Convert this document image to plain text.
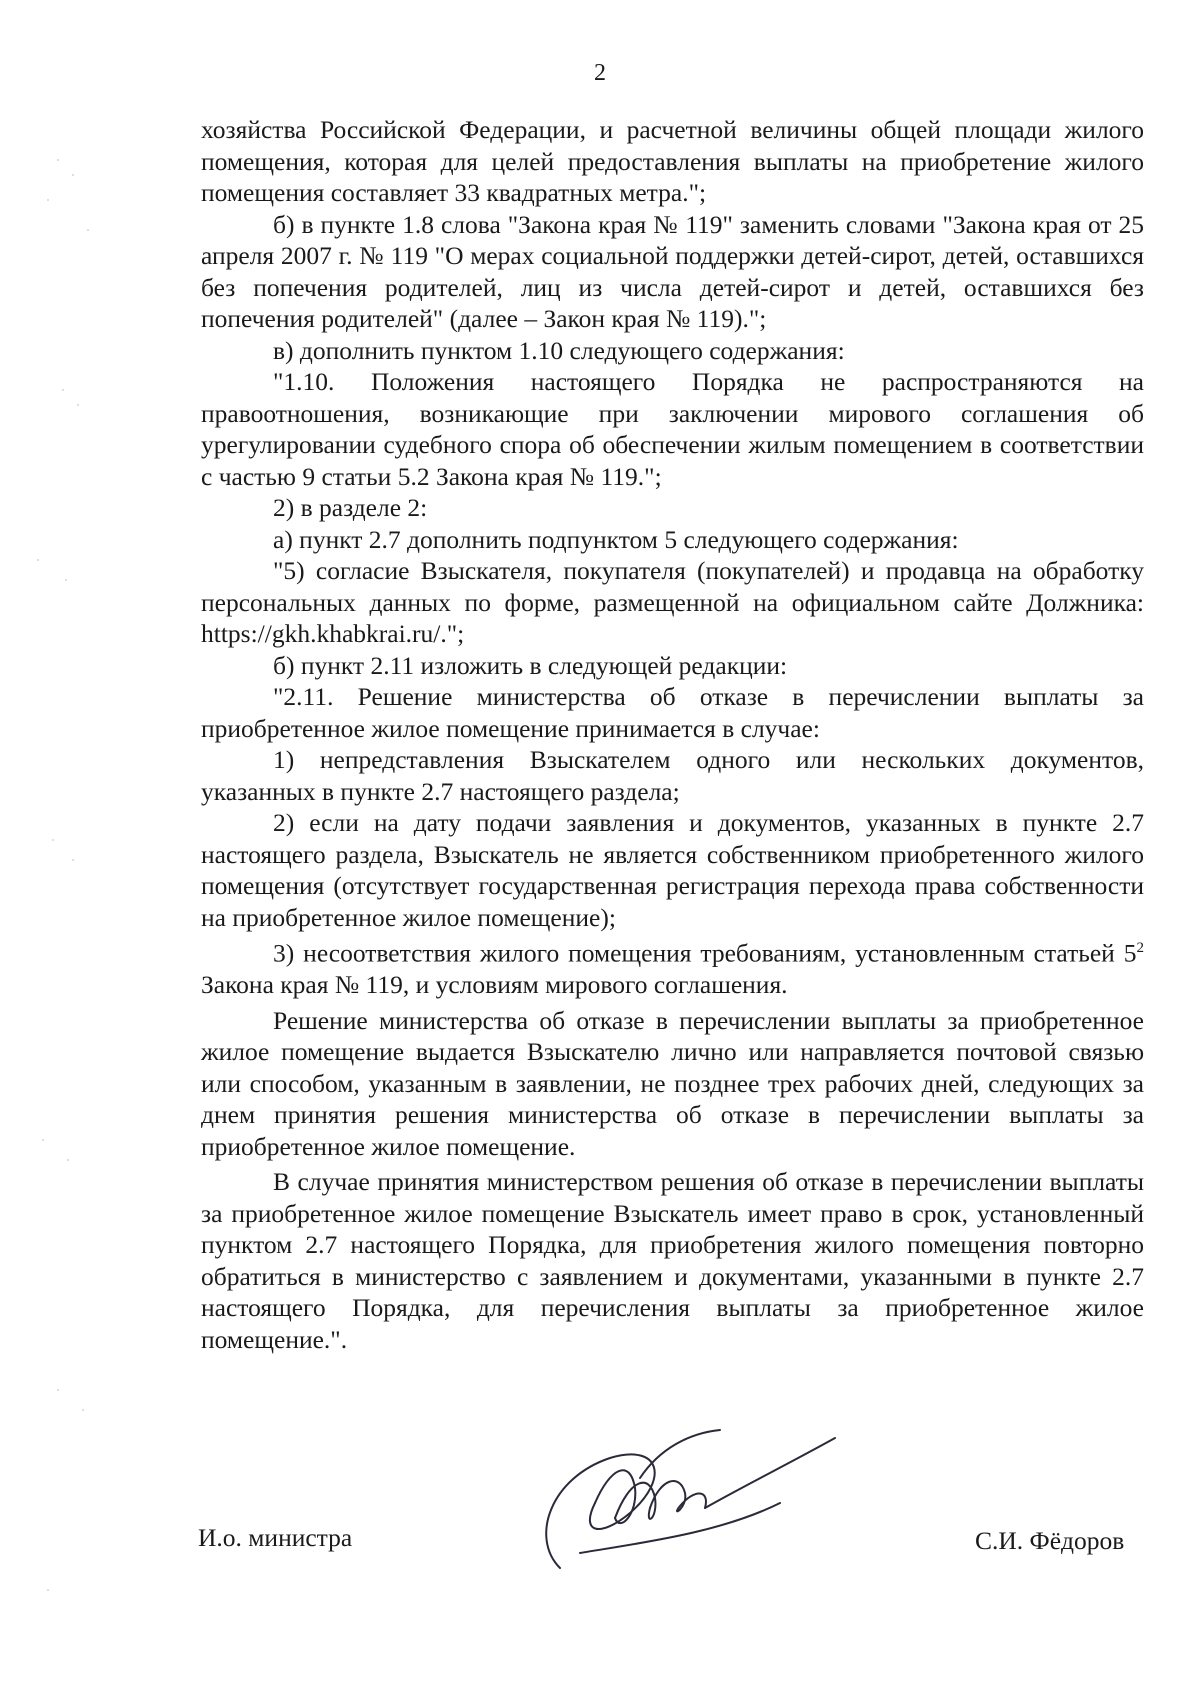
2

хозяйства Российской Федерации, и расчетной величины общей площади жилого помещения, которая для целей предоставления выплаты на приобретение жилого помещения составляет 33 квадратных метра.";

б) в пункте 1.8 слова "Закона края № 119" заменить словами "Закона края от 25 апреля 2007 г. № 119 "О мерах социальной поддержки детей-сирот, детей, оставшихся без попечения родителей, лиц из числа детей-сирот и детей, оставшихся без попечения родителей" (далее – Закон края № 119).";

в) дополнить пунктом 1.10 следующего содержания:

"1.10. Положения настоящего Порядка не распространяются на правоотношения, возникающие при заключении мирового соглашения об урегулировании судебного спора об обеспечении жилым помещением в соответствии с частью 9 статьи 5.2 Закона края № 119.";

2) в разделе 2:

а) пункт 2.7 дополнить подпунктом 5 следующего содержания:

"5) согласие Взыскателя, покупателя (покупателей) и продавца на обработку персональных данных по форме, размещенной на официальном сайте Должника: https://gkh.khabkrai.ru/.";

б) пункт 2.11 изложить в следующей редакции:

"2.11. Решение министерства об отказе в перечислении выплаты за приобретенное жилое помещение принимается в случае:

1) непредставления Взыскателем одного или нескольких документов, указанных в пункте 2.7 настоящего раздела;

2) если на дату подачи заявления и документов, указанных в пункте 2.7 настоящего раздела, Взыскатель не является собственником приобретенного жилого помещения (отсутствует государственная регистрация перехода права собственности на приобретенное жилое помещение);

3) несоответствия жилого помещения требованиям, установленным статьей $5^2$ Закона края № 119, и условиям мирового соглашения.

Решение министерства об отказе в перечислении выплаты за приобретенное жилое помещение выдается Взыскателю лично или направляется почтовой связью или способом, указанным в заявлении, не позднее трех рабочих дней, следующих за днем принятия решения министерства об отказе в перечислении выплаты за приобретенное жилое помещение.

В случае принятия министерством решения об отказе в перечислении выплаты за приобретенное жилое помещение Взыскатель имеет право в срок, установленный пунктом 2.7 настоящего Порядка, для приобретения жилого помещения повторно обратиться в министерство с заявлением и документами, указанными в пункте 2.7 настоящего Порядка, для перечисления выплаты за приобретенное жилое помещение.".

И.о. министра	С.И. Фёдоров
